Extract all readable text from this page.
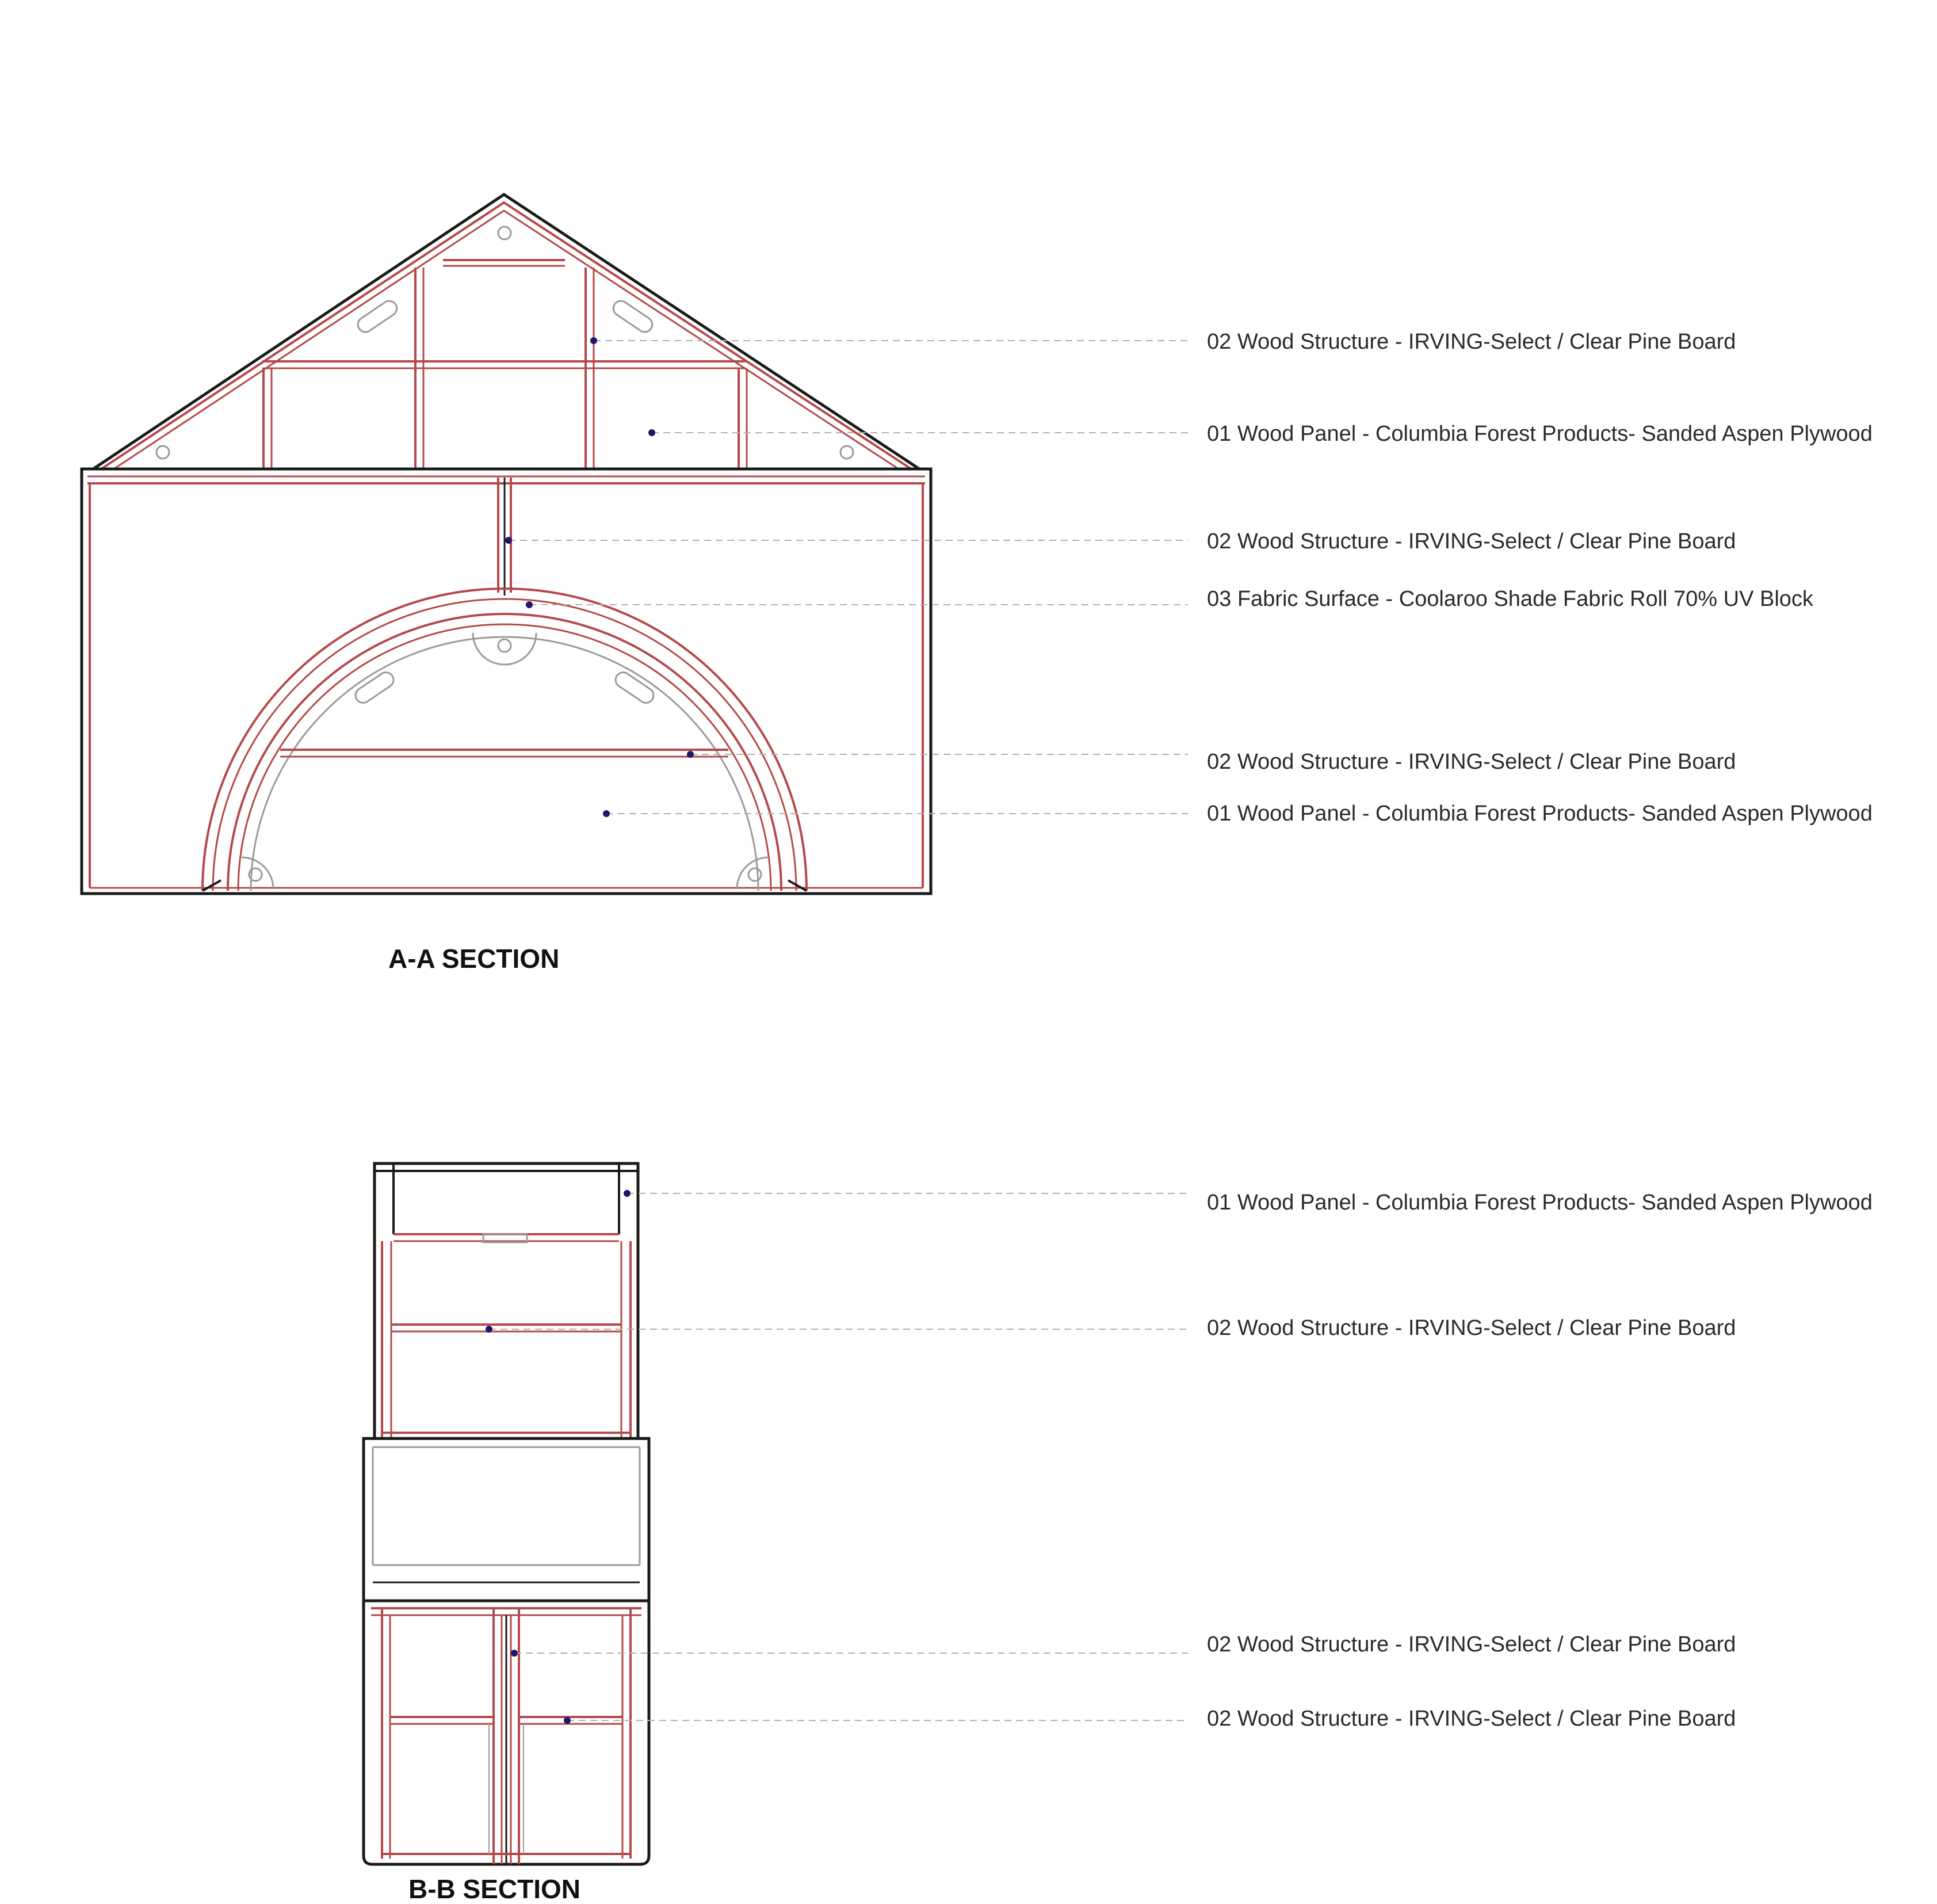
02 Wood Structure - IRVING-Select / Clear Pine Board
01 Wood Panel - Columbia Forest Products- Sanded Aspen Plywood
02 Wood Structure - IRVING-Select / Clear Pine Board
03 Fabric Surface - Coolaroo Shade Fabric Roll 70% UV Block
02 Wood Structure - IRVING-Select / Clear Pine Board
01 Wood Panel - Columbia Forest Products- Sanded Aspen Plywood
A-A SECTION
01 Wood Panel - Columbia Forest Products- Sanded Aspen Plywood
02 Wood Structure - IRVING-Select / Clear Pine Board
02 Wood Structure - IRVING-Select / Clear Pine Board
02 Wood Structure - IRVING-Select / Clear Pine Board
B-B SECTION
